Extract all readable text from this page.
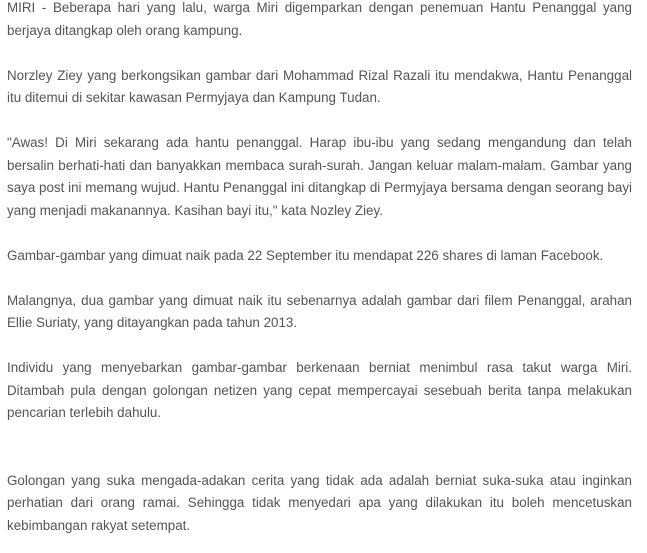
MIRI - Beberapa hari yang lalu, warga Miri digemparkan dengan penemuan Hantu Penanggal yang berjaya ditangkap oleh orang kampung.

Norzley Ziey yang berkongsikan gambar dari Mohammad Rizal Razali itu mendakwa, Hantu Penanggal itu ditemui di sekitar kawasan Permyjaya dan Kampung Tudan.

"Awas! Di Miri sekarang ada hantu penanggal. Harap ibu-ibu yang sedang mengandung dan telah bersalin berhati-hati dan banyakkan membaca surah-surah. Jangan keluar malam-malam. Gambar yang saya post ini memang wujud. Hantu Penanggal ini ditangkap di Permyjaya bersama dengan seorang bayi yang menjadi makanannya. Kasihan bayi itu," kata Nozley Ziey.

Gambar-gambar yang dimuat naik pada 22 September itu mendapat 226 shares di laman Facebook.

Malangnya, dua gambar yang dimuat naik itu sebenarnya adalah gambar dari filem Penanggal, arahan Ellie Suriaty, yang ditayangkan pada tahun 2013.

Individu yang menyebarkan gambar-gambar berkenaan berniat menimbul rasa takut warga Miri. Ditambah pula dengan golongan netizen yang cepat mempercayai sesebuah berita tanpa melakukan pencarian terlebih dahulu.

Golongan yang suka mengada-adakan cerita yang tidak ada adalah berniat suka-suka atau inginkan perhatian dari orang ramai. Sehingga tidak menyedari apa yang dilakukan itu boleh mencetuskan kebimbangan rakyat setempat.
